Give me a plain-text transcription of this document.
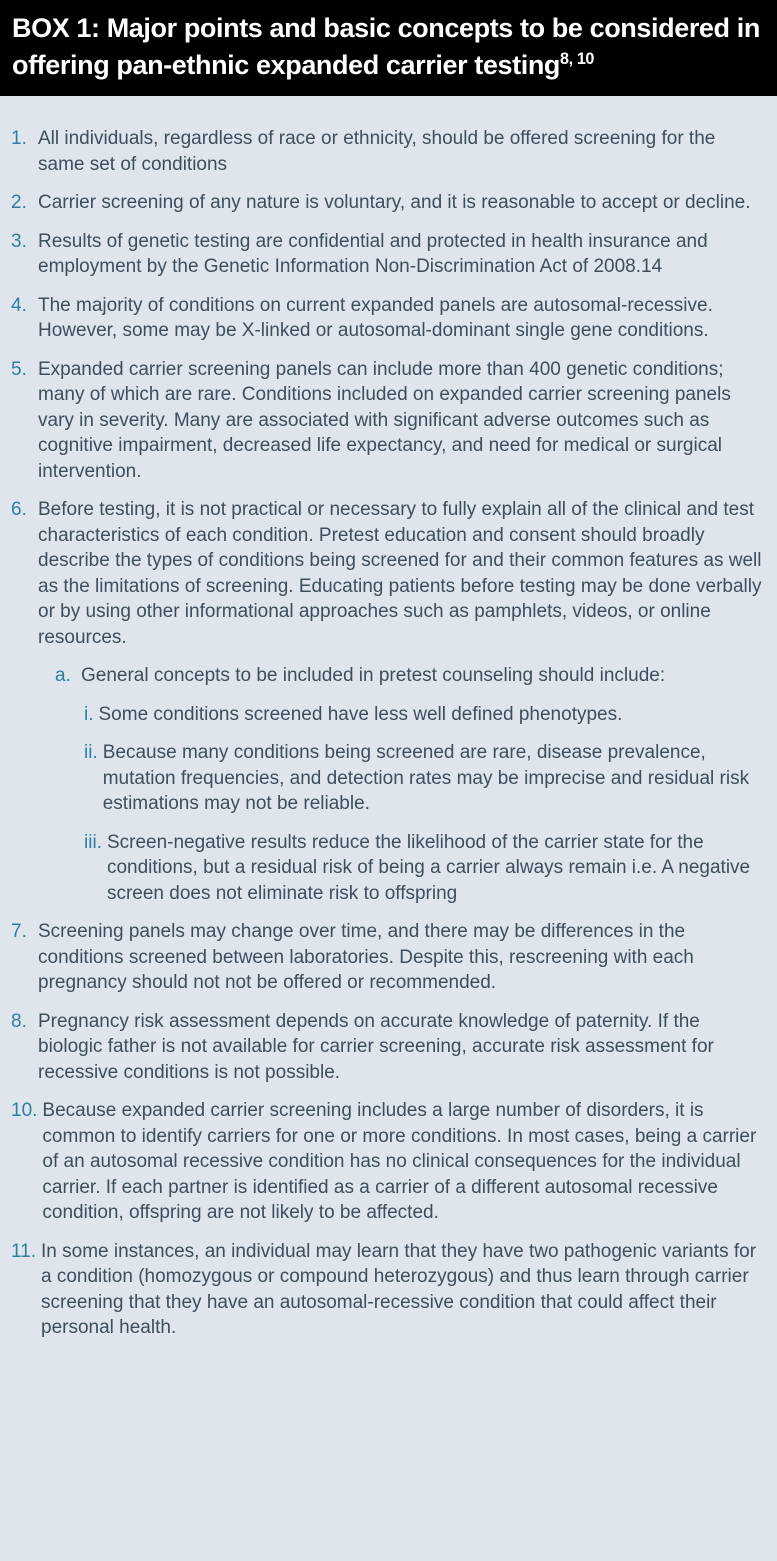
BOX 1: Major points and basic concepts to be considered in offering pan-ethnic expanded carrier testing$^{8, 10}$
1. All individuals, regardless of race or ethnicity, should be offered screening for the same set of conditions
2. Carrier screening of any nature is voluntary, and it is reasonable to accept or decline.
3. Results of genetic testing are confidential and protected in health insurance and employment by the Genetic Information Non-Discrimination Act of 2008.14
4. The majority of conditions on current expanded panels are autosomal-recessive. However, some may be X-linked or autosomal-dominant single gene conditions.
5. Expanded carrier screening panels can include more than 400 genetic conditions; many of which are rare. Conditions included on expanded carrier screening panels vary in severity. Many are associated with significant adverse outcomes such as cognitive impairment, decreased life expectancy, and need for medical or surgical intervention.
6. Before testing, it is not practical or necessary to fully explain all of the clinical and test characteristics of each condition. Pretest education and consent should broadly describe the types of conditions being screened for and their common features as well as the limitations of screening. Educating patients before testing may be done verbally or by using other informational approaches such as pamphlets, videos, or online resources.
a. General concepts to be included in pretest counseling should include:
i. Some conditions screened have less well defined phenotypes.
ii. Because many conditions being screened are rare, disease prevalence, mutation frequencies, and detection rates may be imprecise and residual risk estimations may not be reliable.
iii. Screen-negative results reduce the likelihood of the carrier state for the conditions, but a residual risk of being a carrier always remain i.e. A negative screen does not eliminate risk to offspring
7. Screening panels may change over time, and there may be differences in the conditions screened between laboratories. Despite this, rescreening with each pregnancy should not not be offered or recommended.
8. Pregnancy risk assessment depends on accurate knowledge of paternity. If the biologic father is not available for carrier screening, accurate risk assessment for recessive conditions is not possible.
10. Because expanded carrier screening includes a large number of disorders, it is common to identify carriers for one or more conditions. In most cases, being a carrier of an autosomal recessive condition has no clinical consequences for the individual carrier. If each partner is identified as a carrier of a different autosomal recessive condition, offspring are not likely to be affected.
11. In some instances, an individual may learn that they have two pathogenic variants for a condition (homozygous or compound heterozygous) and thus learn through carrier screening that they have an autosomal-recessive condition that could affect their personal health.
